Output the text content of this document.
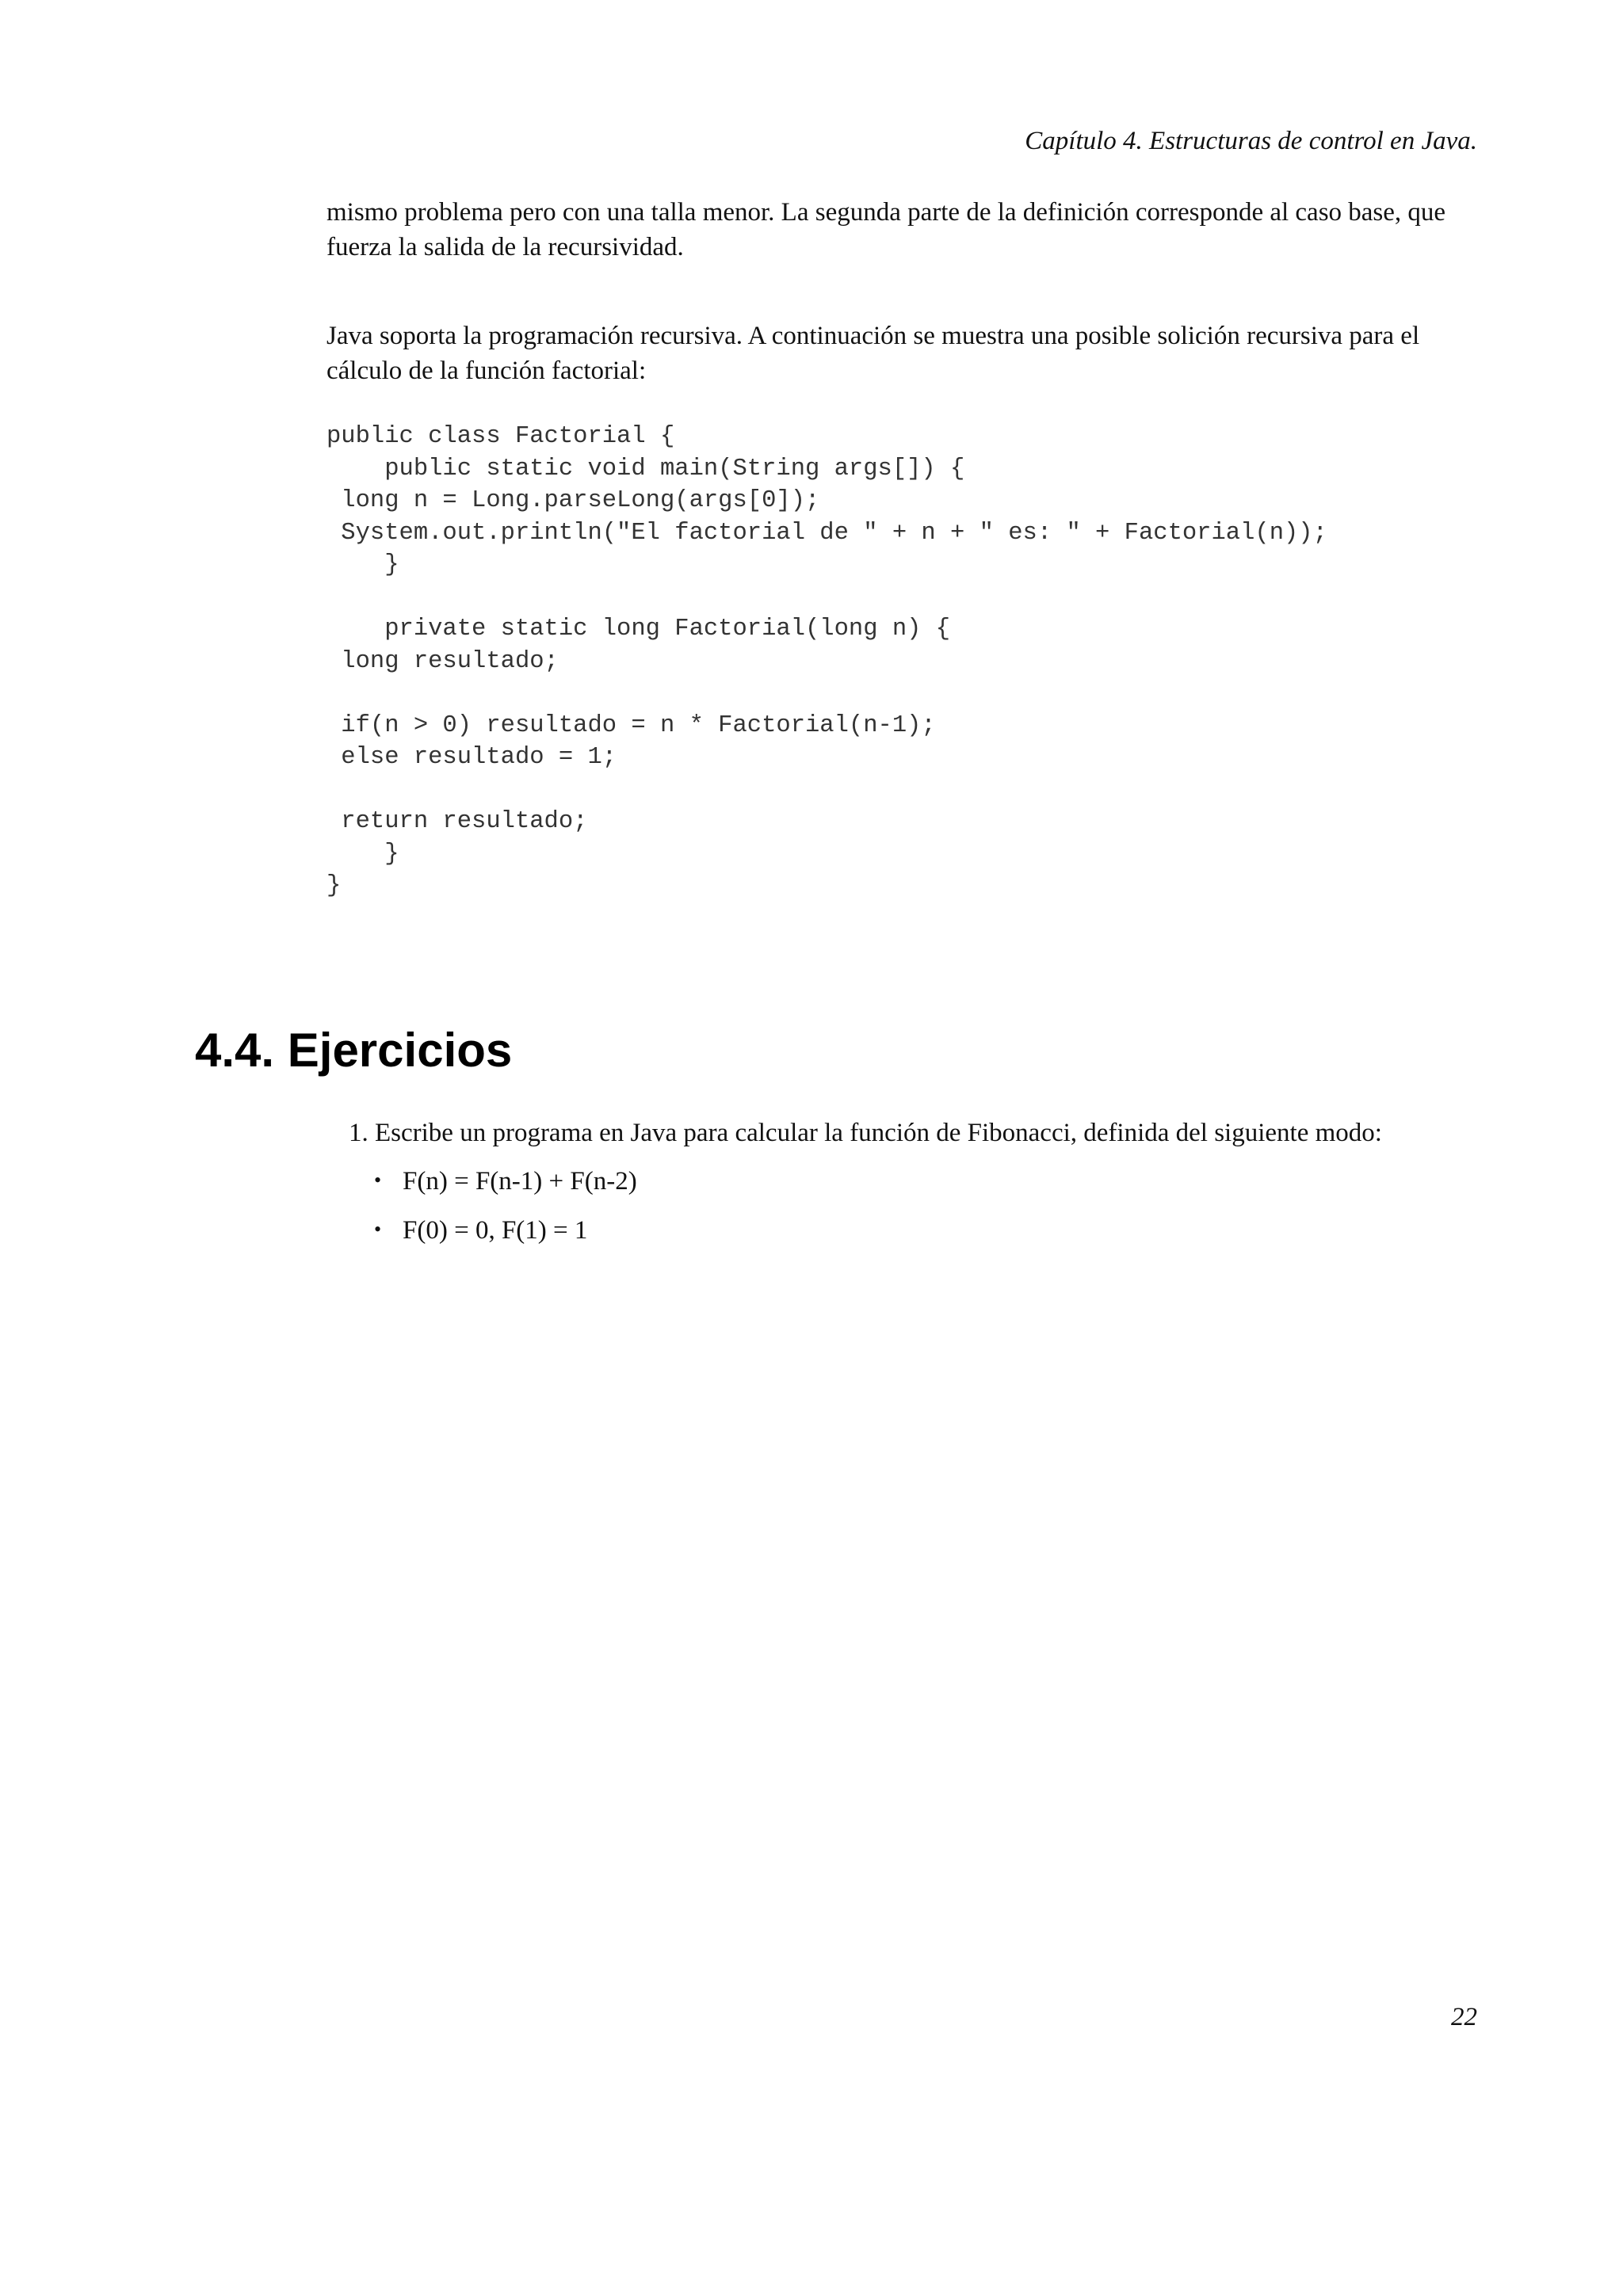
Capítulo 4. Estructuras de control en Java.

mismo problema pero con una talla menor. La segunda parte de la definición corresponde al caso base, que fuerza la salida de la recursividad.

Java soporta la programación recursiva. A continuación se muestra una posible solición recursiva para el cálculo de la función factorial:

public class Factorial {
public static void main(String args[]) {
long n = Long.parseLong(args[0]);
System.out.println("El factorial de " + n + " es: " + Factorial(n));
}
private static long Factorial(long n) {
long resultado;
if(n > 0) resultado = n * Factorial(n-1);
else resultado = 1;
return resultado;
}
}
4.4. Ejercicios
1. Escribe un programa en Java para calcular la función de Fibonacci, definida del siguiente modo:
• F(n) = F(n-1) + F(n-2)
• F(0) = 0, F(1) = 1
22
